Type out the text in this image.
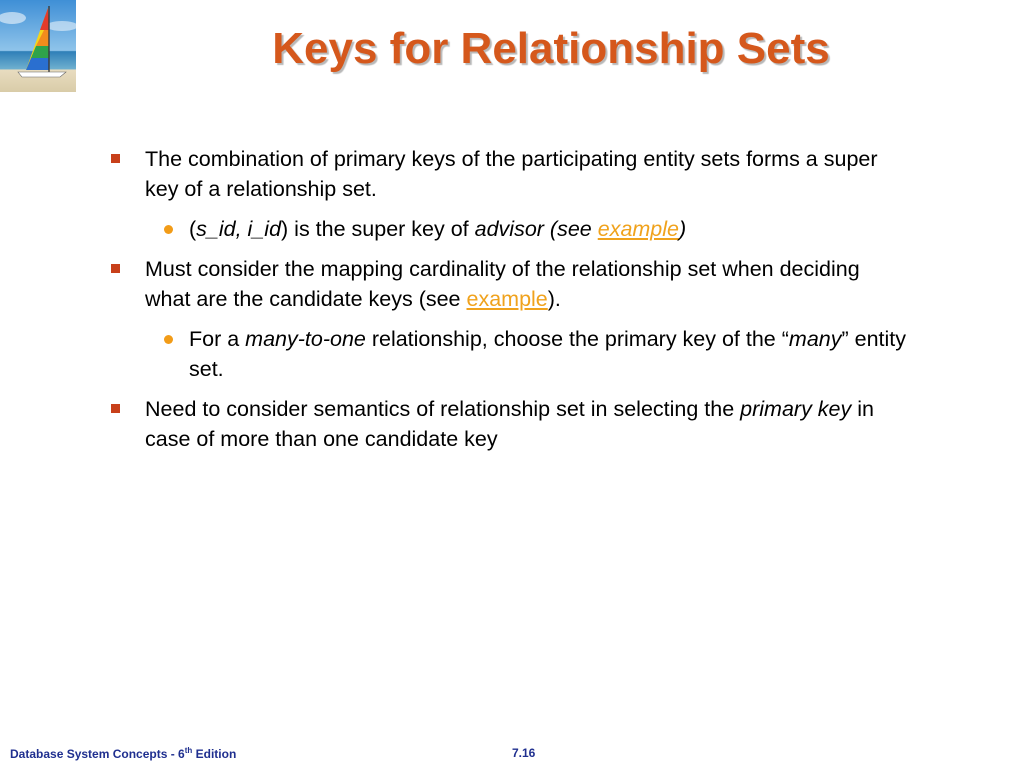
Keys for Relationship Sets
The combination of primary keys of the participating entity sets forms a super key of a relationship set.
(s_id, i_id) is the super key of advisor (see example)
Must consider the mapping cardinality of the relationship set when deciding what are the candidate keys (see example).
For a many-to-one relationship, choose the primary key of the “many” entity set.
Need to consider semantics of relationship set in selecting the primary key in case of more than one candidate key
Database System Concepts - 6th Edition	7.16
